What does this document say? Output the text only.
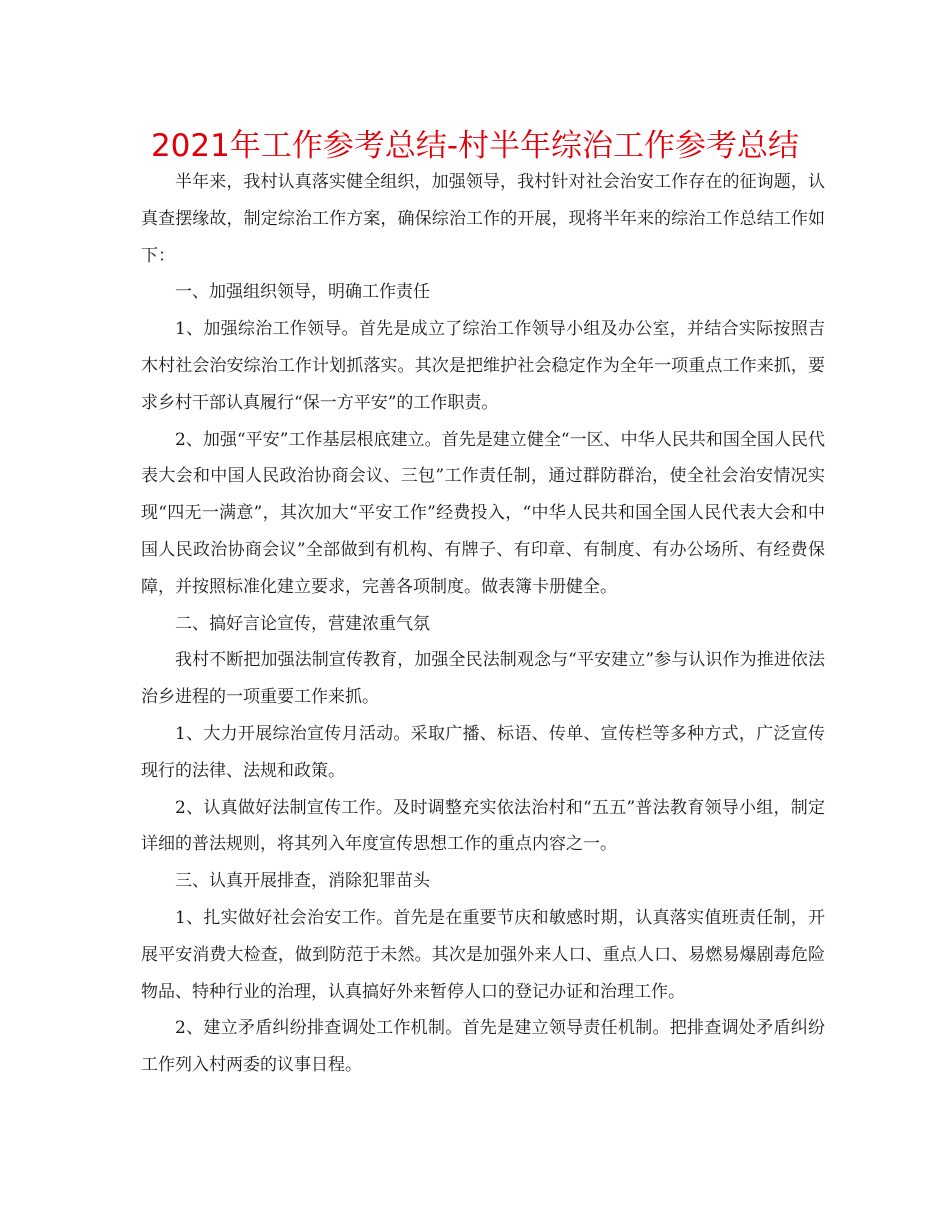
2021年工作参考总结-村半年综治工作参考总结

半年来，我村认真落实健全组织，加强领导，我村针对社会治安工作存在的征询题，认真查摆缘故，制定综治工作方案，确保综治工作的开展，现将半年来的综治工作总结工作如下：

一、加强组织领导，明确工作责任

1、加强综治工作领导。首先是成立了综治工作领导小组及办公室，并结合实际按照吉木村社会治安综治工作计划抓落实。其次是把维护社会稳定作为全年一项重点工作来抓，要求乡村干部认真履行“保一方平安”的工作职责。

2、加强“平安”工作基层根底建立。首先是建立健全“一区、中华人民共和国全国人民代表大会和中国人民政治协商会议、三包”工作责任制，通过群防群治，使全社会治安情况实现“四无一满意”，其次加大“平安工作”经费投入，“中华人民共和国全国人民代表大会和中国人民政治协商会议”全部做到有机构、有牌子、有印章、有制度、有办公场所、有经费保障，并按照标准化建立要求，完善各项制度。做表簿卡册健全。

二、搞好言论宣传，营建浓重气氛

我村不断把加强法制宣传教育，加强全民法制观念与“平安建立”参与认识作为推进依法治乡进程的一项重要工作来抓。

1、大力开展综治宣传月活动。采取广播、标语、传单、宣传栏等多种方式，广泛宣传现行的法律、法规和政策。

2、认真做好法制宣传工作。及时调整充实依法治村和“五五”普法教育领导小组，制定详细的普法规则，将其列入年度宣传思想工作的重点内容之一。

三、认真开展排查，消除犯罪苗头

1、扎实做好社会治安工作。首先是在重要节庆和敏感时期，认真落实值班责任制，开展平安消费大检查，做到防范于未然。其次是加强外来人口、重点人口、易燃易爆剧毒危险物品、特种行业的治理，认真搞好外来暂停人口的登记办证和治理工作。

2、建立矛盾纠纷排查调处工作机制。首先是建立领导责任机制。把排查调处矛盾纠纷工作列入村两委的议事日程。
